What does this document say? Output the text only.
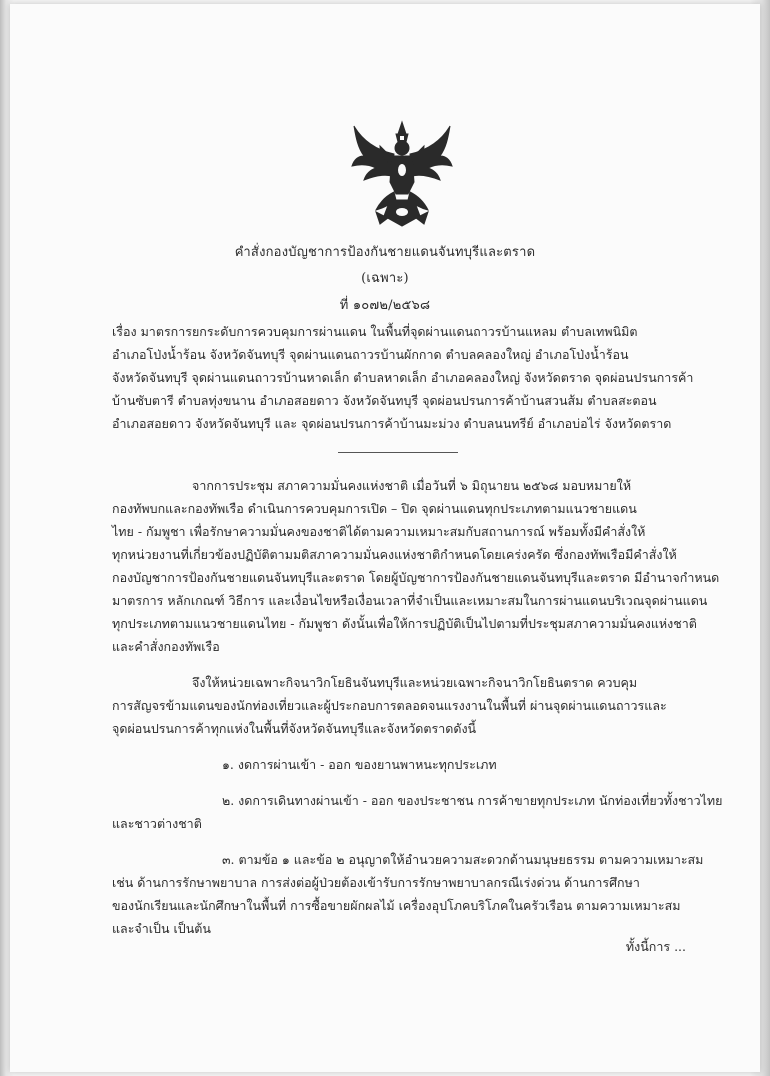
คำสั่งกองบัญชาการป้องกันชายแดนจันทบุรีและตราด
(เฉพาะ)
ที่ ๑๐๗๒/๒๕๖๘
เรื่อง มาตรการยกระดับการควบคุมการผ่านแดน ในพื้นที่จุดผ่านแดนถาวรบ้านแหลม ตำบลเทพนิมิต
อำเภอโป่งน้ำร้อน จังหวัดจันทบุรี จุดผ่านแดนถาวรบ้านผักกาด ตำบลคลองใหญ่ อำเภอโป่งน้ำร้อน
จังหวัดจันทบุรี จุดผ่านแดนถาวรบ้านหาดเล็ก ตำบลหาดเล็ก อำเภอคลองใหญ่ จังหวัดตราด จุดผ่อนปรนการค้า
บ้านซับตารี ตำบลทุ่งขนาน อำเภอสอยดาว จังหวัดจันทบุรี จุดผ่อนปรนการค้าบ้านสวนส้ม ตำบลสะตอน
อำเภอสอยดาว จังหวัดจันทบุรี และ จุดผ่อนปรนการค้าบ้านมะม่วง ตำบลนนทรีย์ อำเภอบ่อไร่ จังหวัดตราด
จากการประชุม สภาความมั่นคงแห่งชาติ เมื่อวันที่ ๖ มิถุนายน ๒๕๖๘ มอบหมายให้
กองทัพบกและกองทัพเรือ ดำเนินการควบคุมการเปิด – ปิด จุดผ่านแดนทุกประเภทตามแนวชายแดน
ไทย - กัมพูชา เพื่อรักษาความมั่นคงของชาติได้ตามความเหมาะสมกับสถานการณ์ พร้อมทั้งมีคำสั่งให้
ทุกหน่วยงานที่เกี่ยวข้องปฏิบัติตามมติสภาความมั่นคงแห่งชาติกำหนดโดยเคร่งครัด ซึ่งกองทัพเรือมีคำสั่งให้
กองบัญชาการป้องกันชายแดนจันทบุรีและตราด โดยผู้บัญชาการป้องกันชายแดนจันทบุรีและตราด มีอำนาจกำหนด
มาตรการ หลักเกณฑ์ วิธีการ และเงื่อนไขหรือเงื่อนเวลาที่จำเป็นและเหมาะสมในการผ่านแดนบริเวณจุดผ่านแดน
ทุกประเภทตามแนวชายแดนไทย - กัมพูชา ดังนั้นเพื่อให้การปฏิบัติเป็นไปตามที่ประชุมสภาความมั่นคงแห่งชาติ
และคำสั่งกองทัพเรือ
จึงให้หน่วยเฉพาะกิจนาวิกโยธินจันทบุรีและหน่วยเฉพาะกิจนาวิกโยธินตราด ควบคุม
การสัญจรข้ามแดนของนักท่องเที่ยวและผู้ประกอบการตลอดจนแรงงานในพื้นที่ ผ่านจุดผ่านแดนถาวรและ
จุดผ่อนปรนการค้าทุกแห่งในพื้นที่จังหวัดจันทบุรีและจังหวัดตราดดังนี้
๑. งดการผ่านเข้า - ออก ของยานพาหนะทุกประเภท
๒. งดการเดินทางผ่านเข้า - ออก ของประชาชน การค้าขายทุกประเภท นักท่องเที่ยวทั้งชาวไทย
และชาวต่างชาติ
๓. ตามข้อ ๑ และข้อ ๒ อนุญาตให้อำนวยความสะดวกด้านมนุษยธรรม ตามความเหมาะสม
เช่น ด้านการรักษาพยาบาล การส่งต่อผู้ป่วยต้องเข้ารับการรักษาพยาบาลกรณีเร่งด่วน ด้านการศึกษา
ของนักเรียนและนักศึกษาในพื้นที่ การซื้อขายผักผลไม้ เครื่องอุปโภคบริโภคในครัวเรือน ตามความเหมาะสม
และจำเป็น เป็นต้น
ทั้งนี้การ ...
